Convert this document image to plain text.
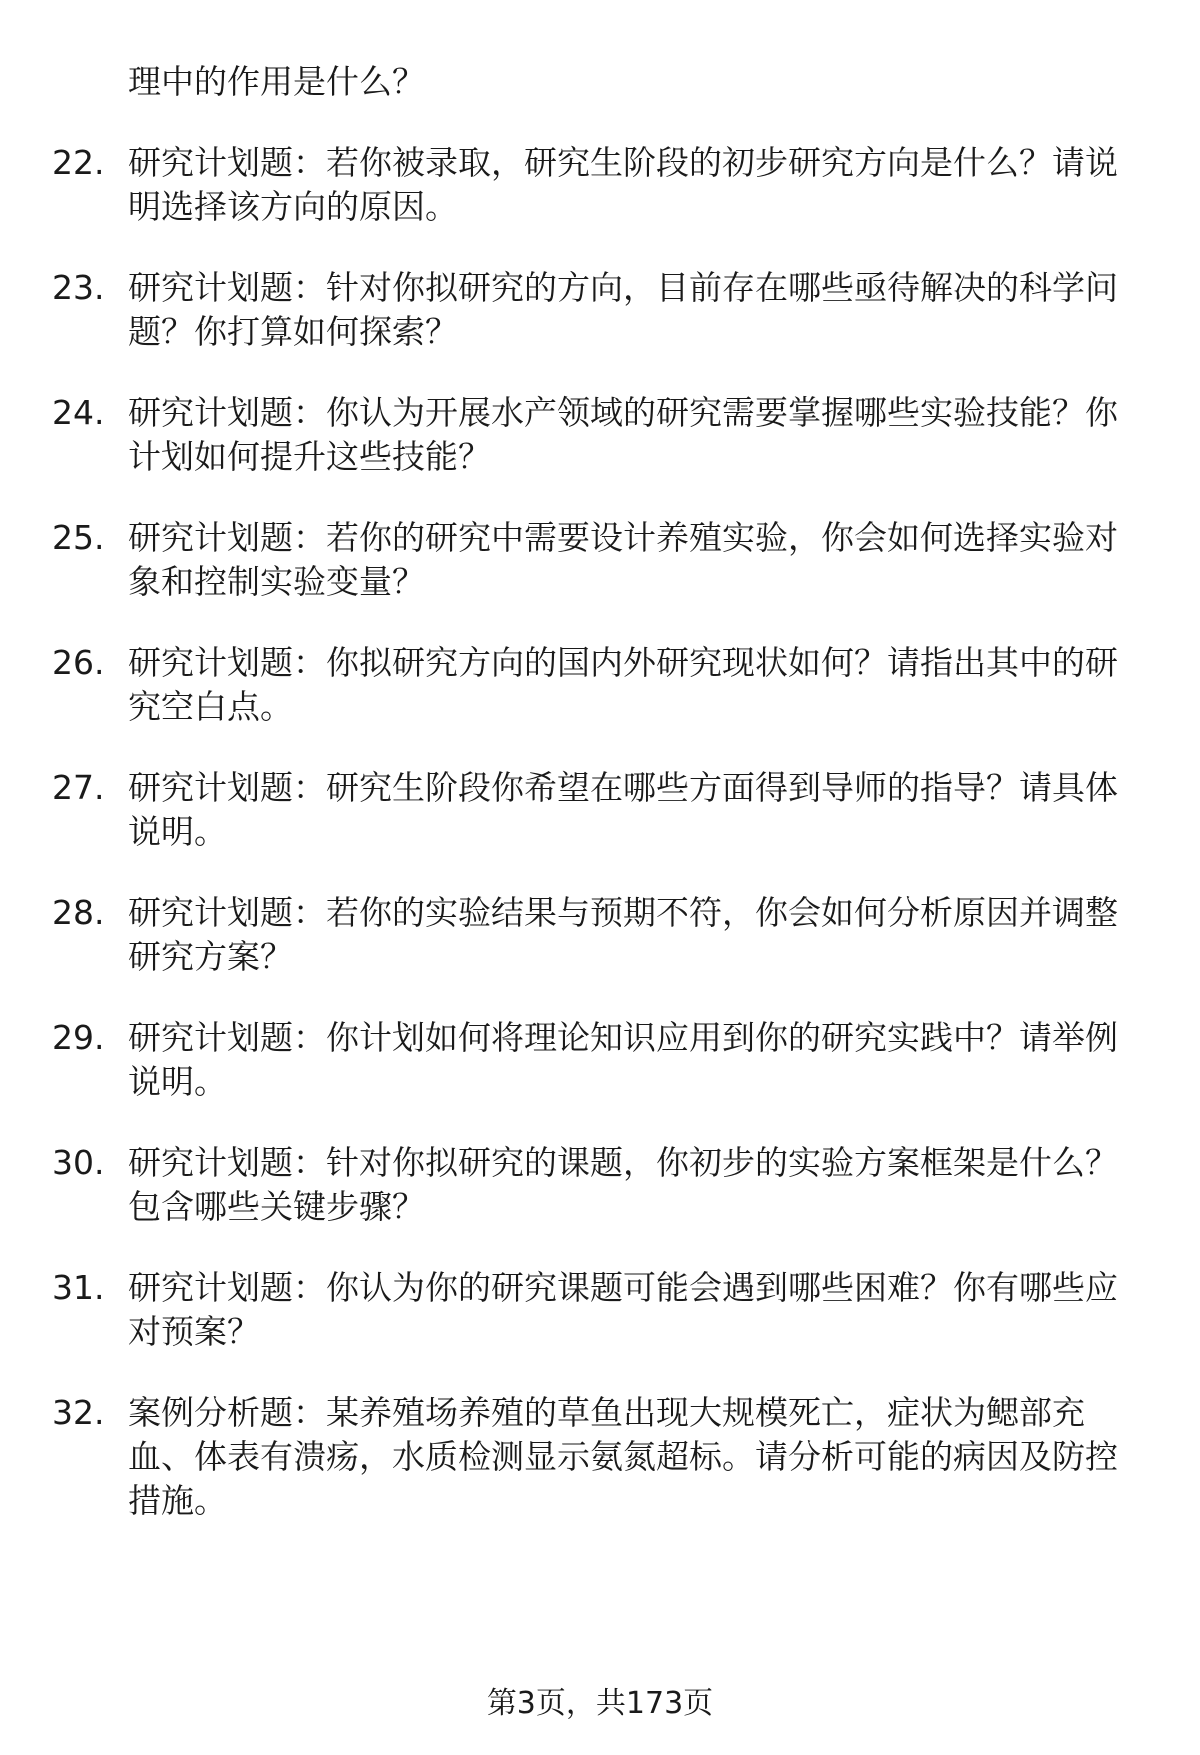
理中的作用是什么？
22. 研究计划题：若你被录取，研究生阶段的初步研究方向是什么？请说明选择该方向的原因。
23. 研究计划题：针对你拟研究的方向，目前存在哪些亟待解决的科学问题？你打算如何探索？
24. 研究计划题：你认为开展水产领域的研究需要掌握哪些实验技能？你计划如何提升这些技能？
25. 研究计划题：若你的研究中需要设计养殖实验，你会如何选择实验对象和控制实验变量？
26. 研究计划题：你拟研究方向的国内外研究现状如何？请指出其中的研究空白点。
27. 研究计划题：研究生阶段你希望在哪些方面得到导师的指导？请具体说明。
28. 研究计划题：若你的实验结果与预期不符，你会如何分析原因并调整研究方案？
29. 研究计划题：你计划如何将理论知识应用到你的研究实践中？请举例说明。
30. 研究计划题：针对你拟研究的课题，你初步的实验方案框架是什么？包含哪些关键步骤？
31. 研究计划题：你认为你的研究课题可能会遇到哪些困难？你有哪些应对预案？
32. 案例分析题：某养殖场养殖的草鱼出现大规模死亡，症状为鳃部充血、体表有溃疡，水质检测显示氨氮超标。请分析可能的病因及防控措施。
第3页，共173页
